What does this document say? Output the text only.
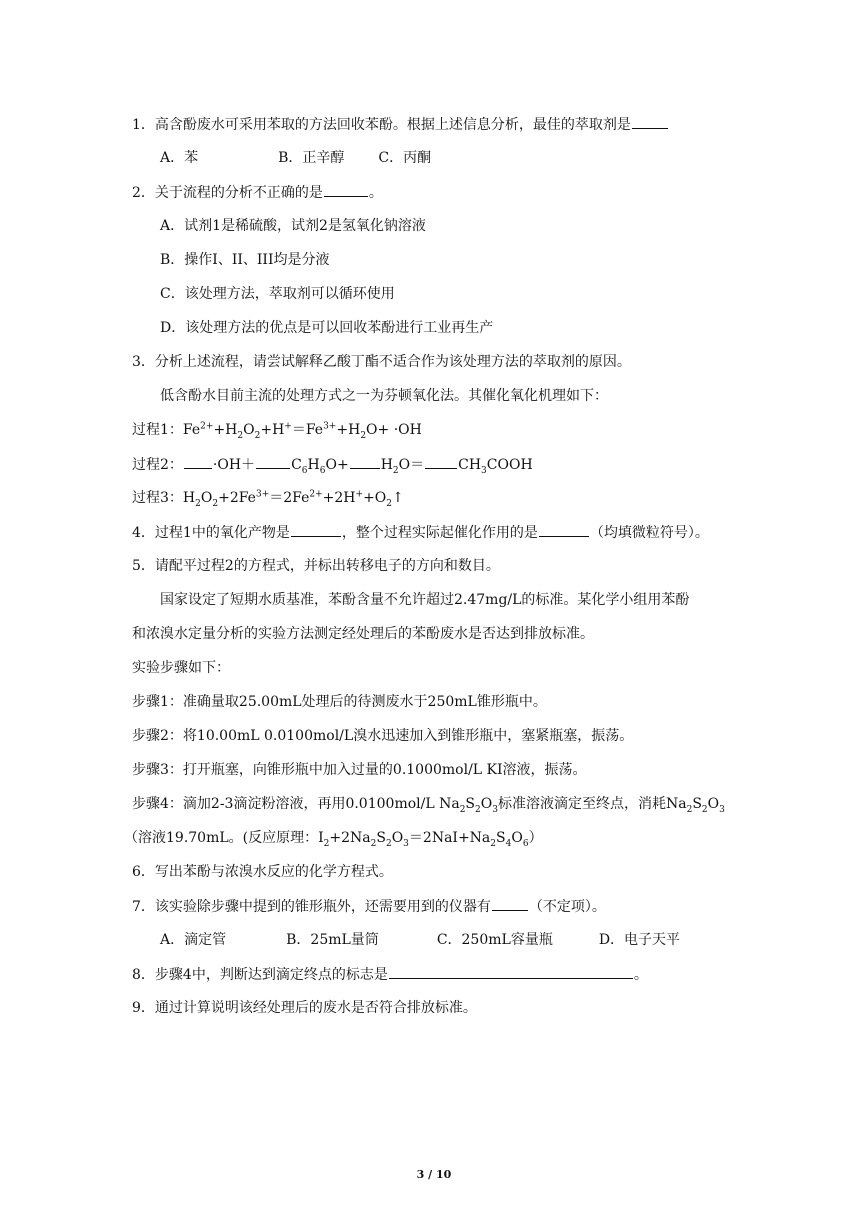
1．高含酚废水可采用苯取的方法回收苯酚。根据上述信息分析，最佳的萃取剂是
A．苯	B．正辛醇 C．丙酮
2．关于流程的分析不正确的是	。
A．试剂1是稀硫酸，试剂2是氢氧化钠溶液
B．操作I、II、III均是分液
C．该处理方法，萃取剂可以循环使用
D．该处理方法的优点是可以回收苯酚进行工业再生产
3．分析上述流程，请尝试解释乙酸丁酯不适合作为该处理方法的萃取剂的原因。
低含酚水目前主流的处理方式之一为芬顿氧化法。其催化氧化机理如下：
过程1：$Fe^{2+}+H_2O_2+H^+=Fe^{3+}+H_2O+ \cdot OH$
过程2： ·OH＋	$C_6H_6O+ H_2O=$ $CH_3COOH$
过程3：$H_2O_2+2Fe^{3+}=2Fe^{2+}+2H^++O_2↑$
4．过程1中的氧化产物是	，整个过程实际起催化作用的是	（均填微粒符号）。
5．请配平过程2的方程式，并标出转移电子的方向和数目。
国家设定了短期水质基准，苯酚含量不允许超过2.47mg/L的标准。某化学小组用苯酚
和浓溴水定量分析的实验方法测定经处理后的苯酚废水是否达到排放标准。
实验步骤如下：
步骤1：准确量取25.00mL处理后的待测废水于250mL锥形瓶中。
步骤2：将10.00mL 0.0100mol/L溴水迅速加入到锥形瓶中，塞紧瓶塞，振荡。
步骤3：打开瓶塞，向锥形瓶中加入过量的0.1000mol/L KI溶液，振荡。
步骤4：滴加2-3滴淀粉溶液，再用0.0100mol/L $Na_2S_2O_3$标准溶液滴定至终点，消耗$Na_2S_2O_3$
（溶液19.70mL。(反应原理：$I_2+2Na_2S_2O_3=2NaI+Na_2S_4O_6$）
6．写出苯酚与浓溴水反应的化学方程式。
7．该实验除步骤中提到的锥形瓶外，还需要用到的仪器有	（不定项）。
A．滴定管	B．25mL量筒	C．250mL容量瓶	D．电子天平
8．步骤4中，判断达到滴定终点的标志是	。
9．通过计算说明该经处理后的废水是否符合排放标准。
3 / 10
